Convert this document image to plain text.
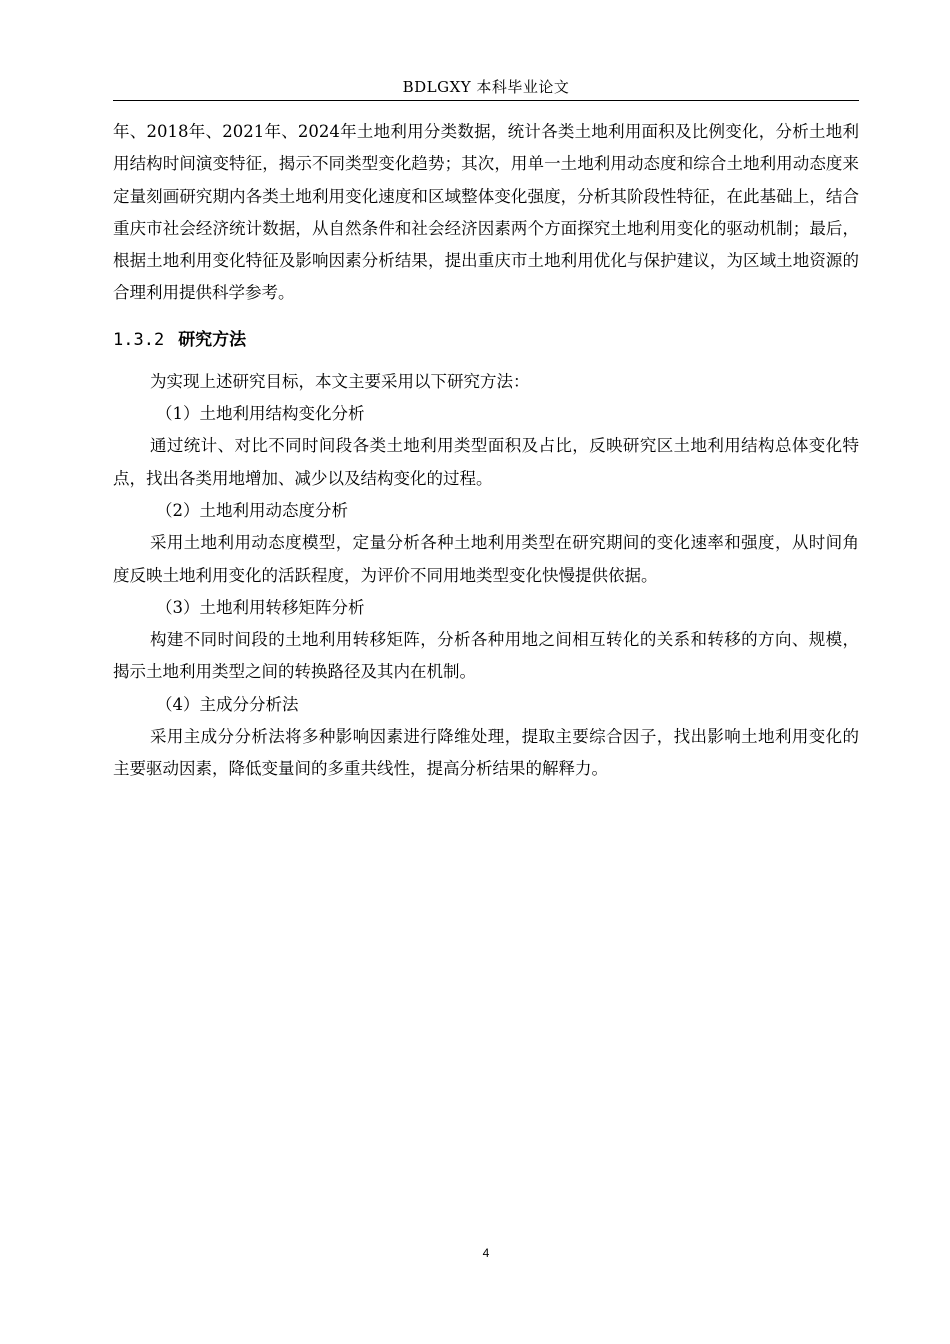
BDLGXY 本科毕业论文

年、2018年、2021年、2024年土地利用分类数据，统计各类土地利用面积及比例变化，分析土地利用结构时间演变特征，揭示不同类型变化趋势；其次，用单一土地利用动态度和综合土地利用动态度来定量刻画研究期内各类土地利用变化速度和区域整体变化强度，分析其阶段性特征，在此基础上，结合重庆市社会经济统计数据，从自然条件和社会经济因素两个方面探究土地利用变化的驱动机制；最后，根据土地利用变化特征及影响因素分析结果，提出重庆市土地利用优化与保护建议，为区域土地资源的合理利用提供科学参考。

1.3.2 研究方法

为实现上述研究目标，本文主要采用以下研究方法：

（1）土地利用结构变化分析

通过统计、对比不同时间段各类土地利用类型面积及占比，反映研究区土地利用结构总体变化特点，找出各类用地增加、减少以及结构变化的过程。

（2）土地利用动态度分析

采用土地利用动态度模型，定量分析各种土地利用类型在研究期间的变化速率和强度，从时间角度反映土地利用变化的活跃程度，为评价不同用地类型变化快慢提供依据。

（3）土地利用转移矩阵分析

构建不同时间段的土地利用转移矩阵，分析各种用地之间相互转化的关系和转移的方向、规模，揭示土地利用类型之间的转换路径及其内在机制。

（4）主成分分析法

采用主成分分析法将多种影响因素进行降维处理，提取主要综合因子，找出影响土地利用变化的主要驱动因素，降低变量间的多重共线性，提高分析结果的解释力。

4
